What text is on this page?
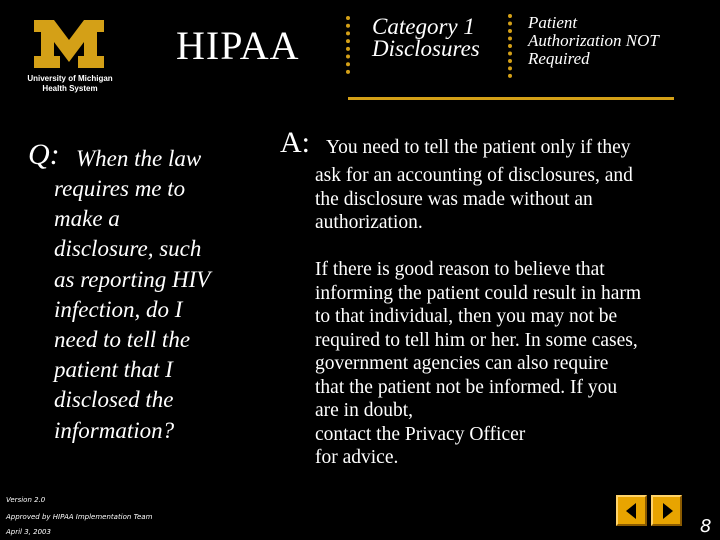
University of Michigan
Health System
HIPAA	Category 1
Disclosures
Patient
Authorization NOT
Required
Q: When the law
requires me to
make a
disclosure, such
as reporting HIV
infection, do I
need to tell the
patient that I
disclosed the
information?
A: You need to tell the patient only if they
ask for an accounting of disclosures, and
the disclosure was made without an
authorization.
If there is good reason to believe that
informing the patient could result in harm
to that individual, then you may not be
required to tell him or her. In some cases,
government agencies can also require
that the patient not be informed. If you
are in doubt,
contact the Privacy Officer
for advice.
Version 2.0
Approved by HIPAA Implementation Team
April 3, 2003	8
